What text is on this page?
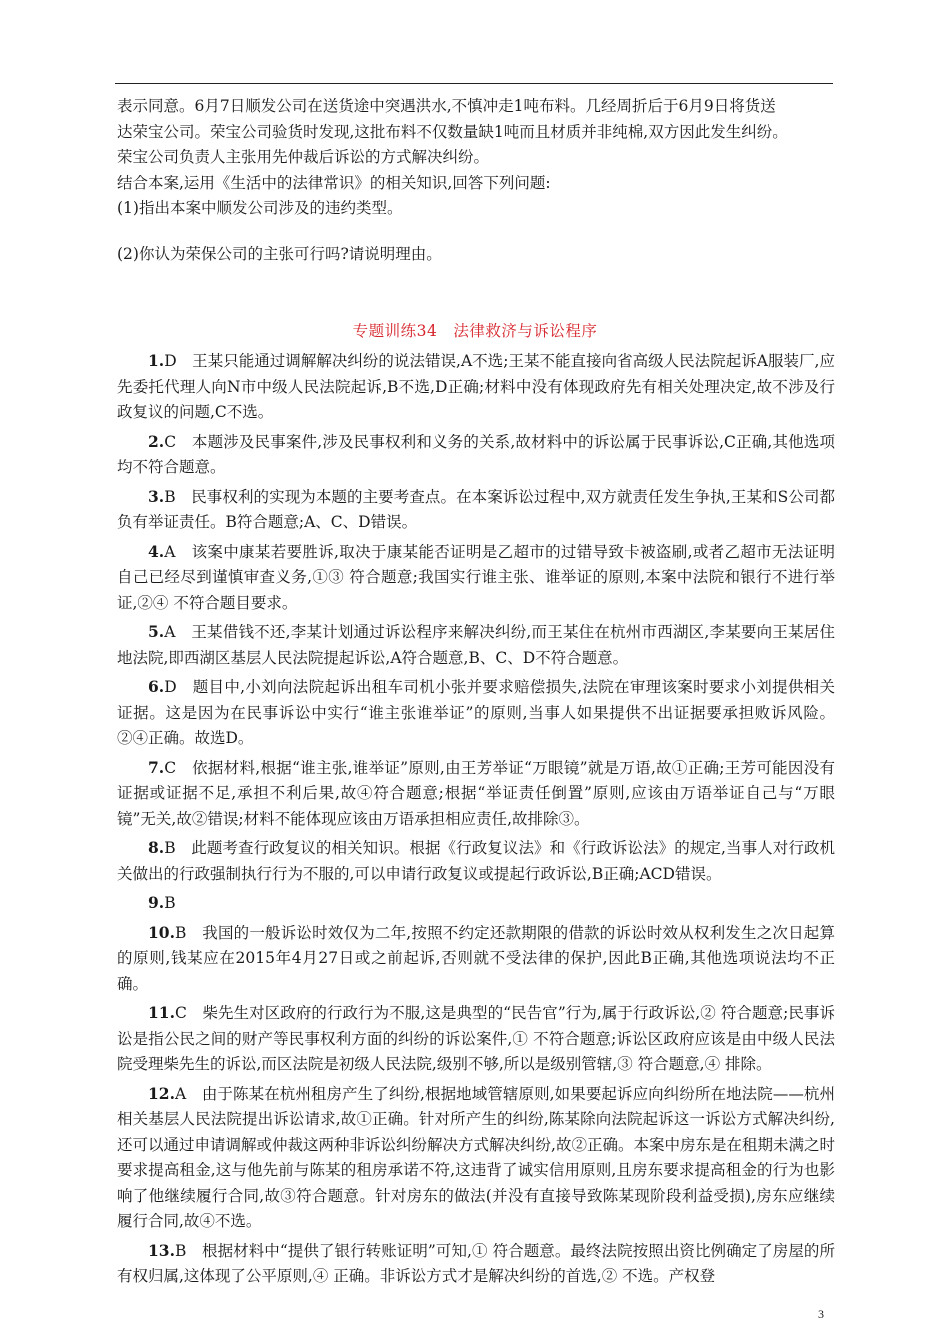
表示同意。6月7日顺发公司在送货途中突遇洪水,不慎冲走1吨布料。几经周折后于6月9日将货送

达荣宝公司。荣宝公司验货时发现,这批布料不仅数量缺1吨而且材质并非纯棉,双方因此发生纠纷。

荣宝公司负责人主张用先仲裁后诉讼的方式解决纠纷。

结合本案,运用《生活中的法律常识》的相关知识,回答下列问题:

(1)指出本案中顺发公司涉及的违约类型。

(2)你认为荣保公司的主张可行吗?请说明理由。

专题训练34　法律救济与诉讼程序

1.D　 王某只能通过调解解决纠纷的说法错误,A不选;王某不能直接向省高级人民法院起诉A服装厂,应先委托代理人向N市中级人民法院起诉,B不选,D正确;材料中没有体现政府先有相关处理决定,故不涉及行政复议的问题,C不选。

2.C　 本题涉及民事案件,涉及民事权利和义务的关系,故材料中的诉讼属于民事诉讼,C正确,其他选项均不符合题意。

3.B　 民事权利的实现为本题的主要考查点。在本案诉讼过程中,双方就责任发生争执,王某和S公司都负有举证责任。B符合题意;A、C、D错误。

4.A　 该案中康某若要胜诉,取决于康某能否证明是乙超市的过错导致卡被盗刷,或者乙超市无法证明自己已经尽到谨慎审查义务,①③ 符合题意;我国实行谁主张、谁举证的原则,本案中法院和银行不进行举证,②④ 不符合题目要求。

5.A　 王某借钱不还,李某计划通过诉讼程序来解决纠纷,而王某住在杭州市西湖区,李某要向王某居住地法院,即西湖区基层人民法院提起诉讼,A符合题意,B、C、D不符合题意。

6.D　 题目中,小刘向法院起诉出租车司机小张并要求赔偿损失,法院在审理该案时要求小刘提供相关证据。这是因为在民事诉讼中实行“谁主张谁举证”的原则,当事人如果提供不出证据要承担败诉风险。②④正确。故选D。

7.C　 依据材料,根据“谁主张,谁举证”原则,由王芳举证“万眼镜”就是万语,故①正确;王芳可能因没有证据或证据不足,承担不利后果,故④符合题意;根据“举证责任倒置”原则,应该由万语举证自己与“万眼镜”无关,故②错误;材料不能体现应该由万语承担相应责任,故排除③。

8.B　 此题考查行政复议的相关知识。根据《行政复议法》和《行政诉讼法》的规定,当事人对行政机关做出的行政强制执行行为不服的,可以申请行政复议或提起行政诉讼,B正确;ACD错误。

9.B

10.B　 我国的一般诉讼时效仅为二年,按照不约定还款期限的借款的诉讼时效从权利发生之次日起算的原则,钱某应在2015年4月27日或之前起诉,否则就不受法律的保护,因此B正确,其他选项说法均不正确。

11.C　 柴先生对区政府的行政行为不服,这是典型的“民告官”行为,属于行政诉讼,② 符合题意;民事诉讼是指公民之间的财产等民事权利方面的纠纷的诉讼案件,① 不符合题意;诉讼区政府应该是由中级人民法院受理柴先生的诉讼,而区法院是初级人民法院,级别不够,所以是级别管辖,③ 符合题意,④ 排除。

12.A　 由于陈某在杭州租房产生了纠纷,根据地域管辖原则,如果要起诉应向纠纷所在地法院——杭州相关基层人民法院提出诉讼请求,故①正确。针对所产生的纠纷,陈某除向法院起诉这一诉讼方式解决纠纷,还可以通过申请调解或仲裁这两种非诉讼纠纷解决方式解决纠纷,故②正确。本案中房东是在租期未满之时要求提高租金,这与他先前与陈某的租房承诺不符,这违背了诚实信用原则,且房东要求提高租金的行为也影响了他继续履行合同,故③符合题意。针对房东的做法(并没有直接导致陈某现阶段利益受损),房东应继续履行合同,故④不选。

13.B　 根据材料中“提供了银行转账证明”可知,① 符合题意。最终法院按照出资比例确定了房屋的所有权归属,这体现了公平原则,④ 正确。非诉讼方式才是解决纠纷的首选,② 不选。产权登

3
